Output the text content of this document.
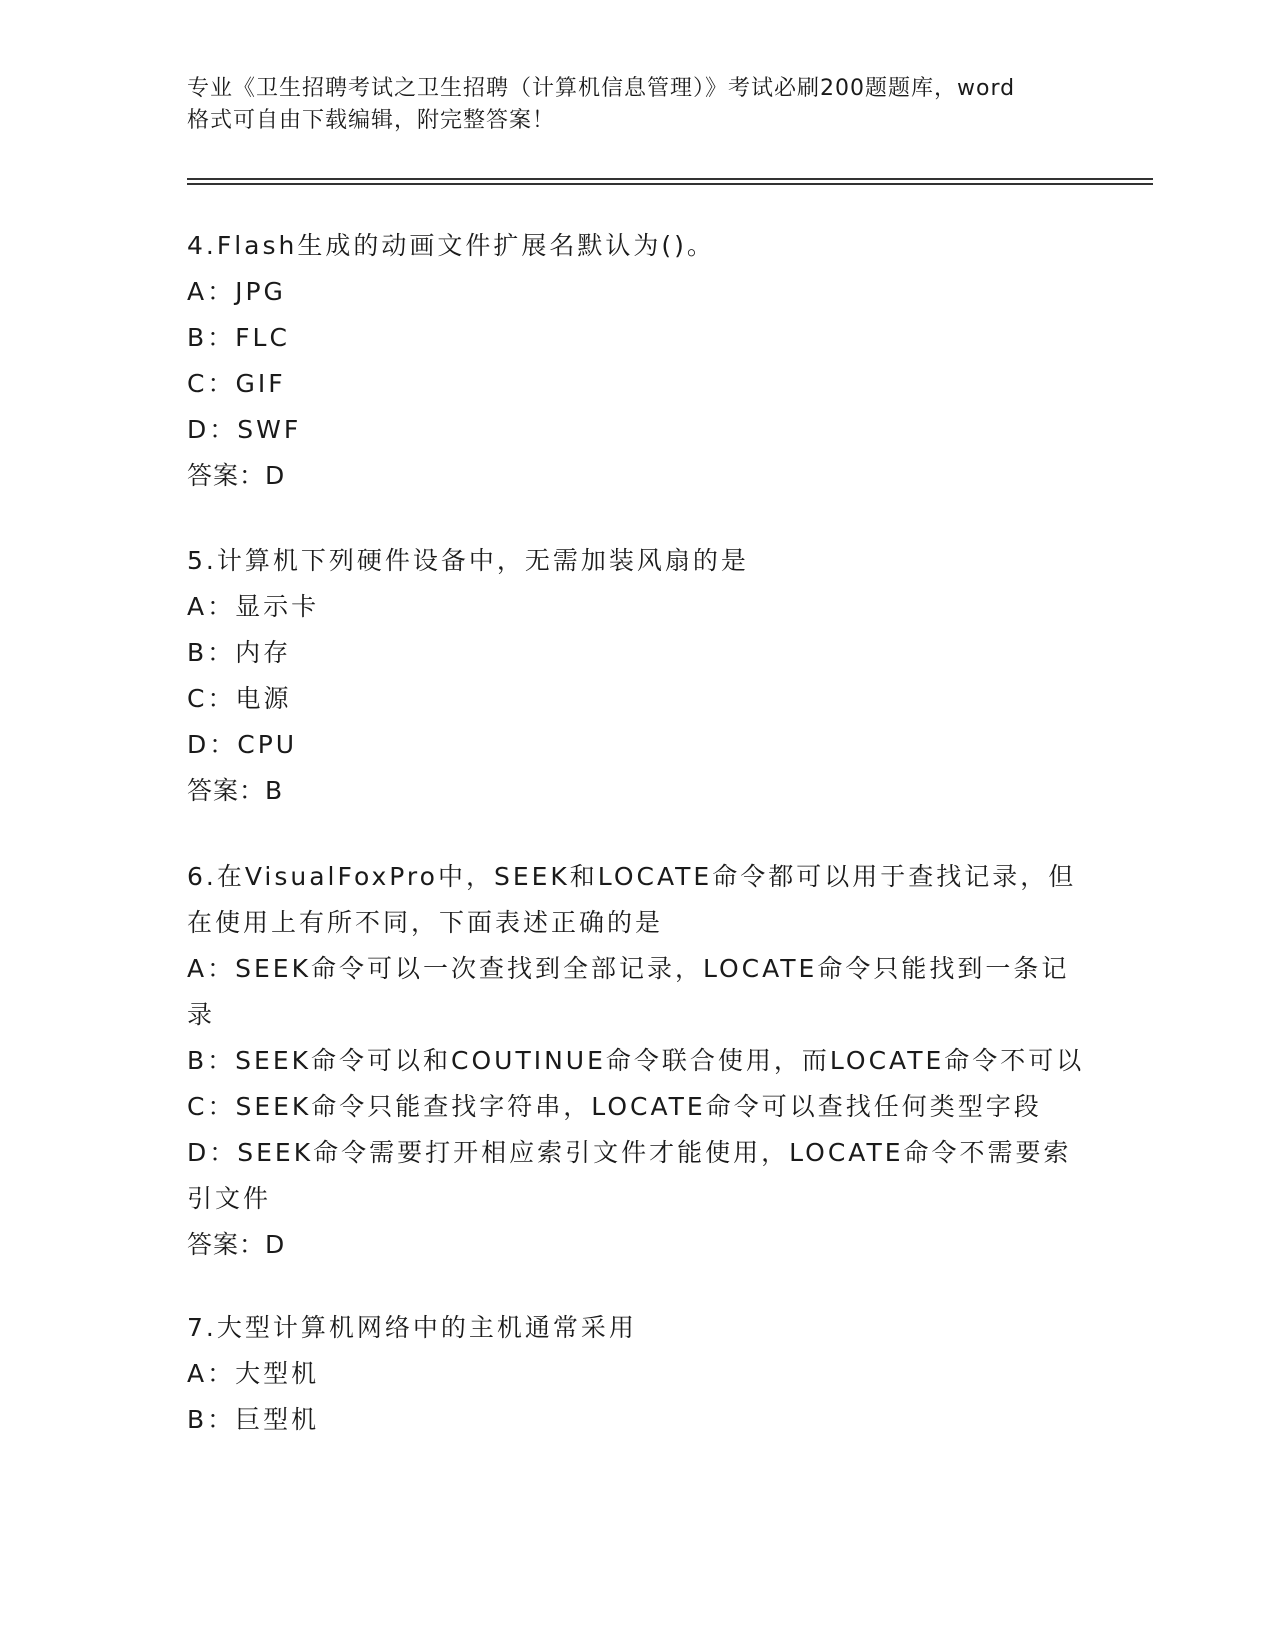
专业《卫生招聘考试之卫生招聘（计算机信息管理）》考试必刷200题题库，word

格式可自由下载编辑，附完整答案！

4.Flash生成的动画文件扩展名默认为()。
A：JPG
B：FLC
C：GIF
D：SWF
答案：D
5.计算机下列硬件设备中，无需加装风扇的是
A：显示卡
B：内存
C：电源
D：CPU
答案：B
6.在VisualFoxPro中，SEEK和LOCATE命令都可以用于查找记录，但
在使用上有所不同，下面表述正确的是
A：SEEK命令可以一次查找到全部记录，LOCATE命令只能找到一条记
录
B：SEEK命令可以和COUTINUE命令联合使用，而LOCATE命令不可以
C：SEEK命令只能查找字符串，LOCATE命令可以查找任何类型字段
D：SEEK命令需要打开相应索引文件才能使用，LOCATE命令不需要索
引文件
答案：D
7.大型计算机网络中的主机通常采用
A：大型机
B：巨型机
